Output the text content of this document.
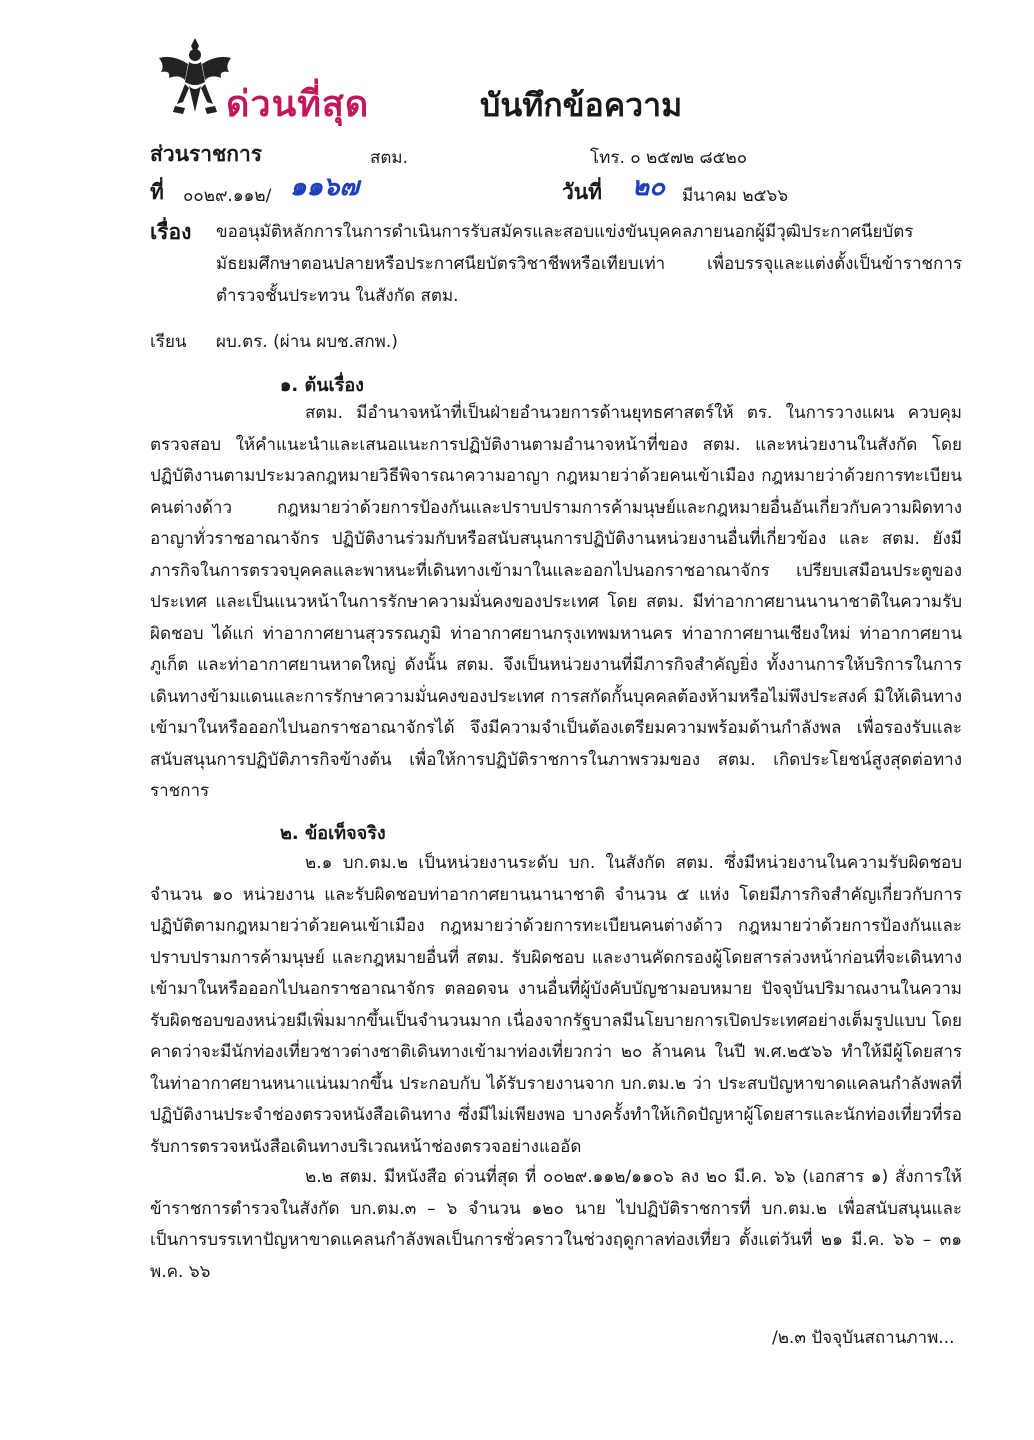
ด่วนที่สุด	บันทึกข้อความ
ส่วนราชการ	สตม.	โทร. ๐ ๒๕๗๒ ๘๕๒๐
ที่ ๐๐๒๙.๑๑๒/ ๑๑๖๗	วันที่ ๒๐ มีนาคม ๒๕๖๖
เรื่อง ขออนุมัติหลักการในการดำเนินการรับสมัครและสอบแข่งขันบุคคลภายนอกผู้มีวุฒิประกาศนียบัตรมัธยมศึกษาตอนปลายหรือประกาศนียบัตรวิชาชีพหรือเทียบเท่า เพื่อบรรจุและแต่งตั้งเป็นข้าราชการตำรวจชั้นประทวน ในสังกัด สตม.
เรียน ผบ.ตร. (ผ่าน ผบช.สกพ.)
๑. ต้นเรื่อง
สตม. มีอำนาจหน้าที่เป็นฝ่ายอำนวยการด้านยุทธศาสตร์ให้ ตร. ในการวางแผน ควบคุม ตรวจสอบ ให้คำแนะนำและเสนอแนะการปฏิบัติงานตามอำนาจหน้าที่ของ สตม. และหน่วยงานในสังกัด โดยปฏิบัติงานตามประมวลกฎหมายวิธีพิจารณาความอาญา กฎหมายว่าด้วยคนเข้าเมือง กฎหมายว่าด้วยการทะเบียนคนต่างด้าว กฎหมายว่าด้วยการป้องกันและปราบปรามการค้ามนุษย์และกฎหมายอื่นอันเกี่ยวกับความผิดทางอาญาทั่วราชอาณาจักร ปฏิบัติงานร่วมกับหรือสนับสนุนการปฏิบัติงานหน่วยงานอื่นที่เกี่ยวข้อง และ สตม. ยังมีภารกิจในการตรวจบุคคลและพาหนะที่เดินทางเข้ามาในและออกไปนอกราชอาณาจักร เปรียบเสมือนประตูของประเทศ และเป็นแนวหน้าในการรักษาความมั่นคงของประเทศ โดย สตม. มีท่าอากาศยานนานาชาติในความรับผิดชอบ ได้แก่ ท่าอากาศยานสุวรรณภูมิ ท่าอากาศยานกรุงเทพมหานคร ท่าอากาศยานเชียงใหม่ ท่าอากาศยานภูเก็ต และท่าอากาศยานหาดใหญ่ ดังนั้น สตม. จึงเป็นหน่วยงานที่มีภารกิจสำคัญยิ่ง ทั้งงานการให้บริการในการเดินทางข้ามแดนและการรักษาความมั่นคงของประเทศ การสกัดกั้นบุคคลต้องห้ามหรือไม่พึงประสงค์ มิให้เดินทางเข้ามาในหรือออกไปนอกราชอาณาจักรได้ จึงมีความจำเป็นต้องเตรียมความพร้อมด้านกำลังพล เพื่อรองรับและสนับสนุนการปฏิบัติภารกิจข้างต้น เพื่อให้การปฏิบัติราชการในภาพรวมของ สตม. เกิดประโยชน์สูงสุดต่อทางราชการ
๒. ข้อเท็จจริง
๒.๑ บก.ตม.๒ เป็นหน่วยงานระดับ บก. ในสังกัด สตม. ซึ่งมีหน่วยงานในความรับผิดชอบ จำนวน ๑๐ หน่วยงาน และรับผิดชอบท่าอากาศยานนานาชาติ จำนวน ๕ แห่ง โดยมีภารกิจสำคัญเกี่ยวกับการปฏิบัติตามกฎหมายว่าด้วยคนเข้าเมือง กฎหมายว่าด้วยการทะเบียนคนต่างด้าว กฎหมายว่าด้วยการป้องกันและปราบปรามการค้ามนุษย์ และกฎหมายอื่นที่ สตม. รับผิดชอบ และงานคัดกรองผู้โดยสารล่วงหน้าก่อนที่จะเดินทางเข้ามาในหรือออกไปนอกราชอาณาจักร ตลอดจน งานอื่นที่ผู้บังคับบัญชามอบหมาย ปัจจุบันปริมาณงานในความรับผิดชอบของหน่วยมีเพิ่มมากขึ้นเป็นจำนวนมาก เนื่องจากรัฐบาลมีนโยบายการเปิดประเทศอย่างเต็มรูปแบบ โดยคาดว่าจะมีนักท่องเที่ยวชาวต่างชาติเดินทางเข้ามาท่องเที่ยวกว่า ๒๐ ล้านคน ในปี พ.ศ.๒๕๖๖ ทำให้มีผู้โดยสารในท่าอากาศยานหนาแน่นมากขึ้น ประกอบกับ ได้รับรายงานจาก บก.ตม.๒ ว่า ประสบปัญหาขาดแคลนกำลังพลที่ปฏิบัติงานประจำช่องตรวจหนังสือเดินทาง ซึ่งมีไม่เพียงพอ บางครั้งทำให้เกิดปัญหาผู้โดยสารและนักท่องเที่ยวที่รอรับการตรวจหนังสือเดินทางบริเวณหน้าช่องตรวจอย่างแออัด
๒.๒ สตม. มีหนังสือ ด่วนที่สุด ที่ ๐๐๒๙.๑๑๒/๑๑๐๖ ลง ๒๐ มี.ค. ๖๖ (เอกสาร ๑) สั่งการให้ข้าราชการตำรวจในสังกัด บก.ตม.๓ – ๖ จำนวน ๑๒๐ นาย ไปปฏิบัติราชการที่ บก.ตม.๒ เพื่อสนับสนุนและเป็นการบรรเทาปัญหาขาดแคลนกำลังพลเป็นการชั่วคราวในช่วงฤดูกาลท่องเที่ยว ตั้งแต่วันที่ ๒๑ มี.ค. ๖๖ – ๓๑ พ.ค. ๖๖
/๒.๓ ปัจจุบันสถานภาพ...
